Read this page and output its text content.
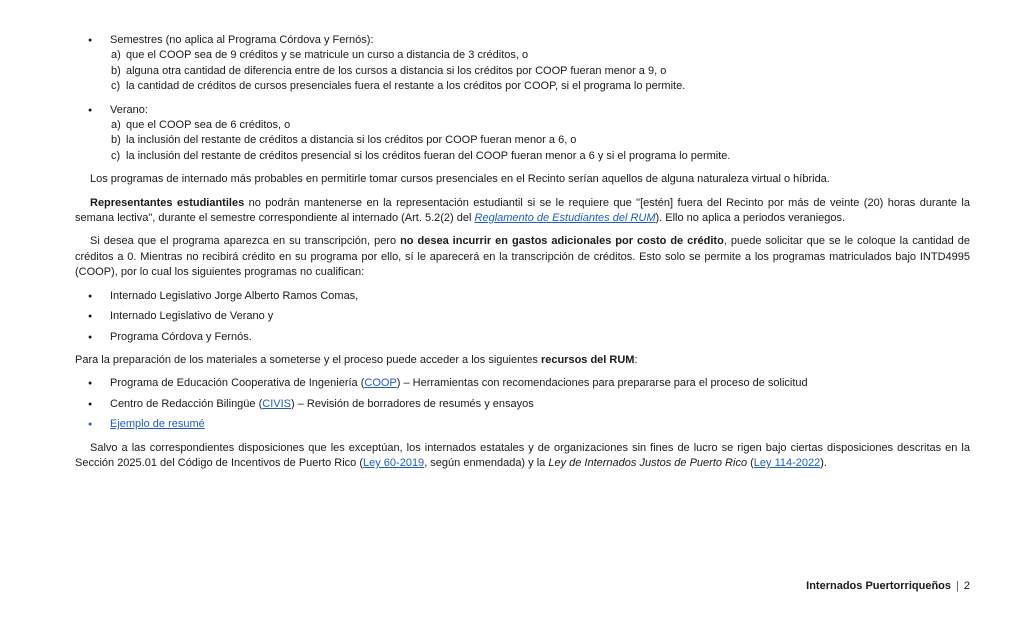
● Semestres (no aplica al Programa Córdova y Fernós):
a) que el COOP sea de 9 créditos y se matricule un curso a distancia de 3 créditos, o
b) alguna otra cantidad de diferencia entre de los cursos a distancia si los créditos por COOP fueran menor a 9, o
c) la cantidad de créditos de cursos presenciales fuera el restante a los créditos por COOP, si el programa lo permite.
● Verano:
a) que el COOP sea de 6 créditos, o
b) la inclusión del restante de créditos a distancia si los créditos por COOP fueran menor a 6, o
c) la inclusión del restante de créditos presencial si los créditos fueran del COOP fueran menor a 6 y si el programa lo permite.
Los programas de internado más probables en permitirle tomar cursos presenciales en el Recinto serían aquellos de alguna naturaleza virtual o híbrida.
Representantes estudiantiles no podrán mantenerse en la representación estudiantil si se le requiere que "[estén] fuera del Recinto por más de veinte (20) horas durante la semana lectiva", durante el semestre correspondiente al internado (Art. 5.2(2) del Reglamento de Estudiantes del RUM). Ello no aplica a periodos veraniegos.
Si desea que el programa aparezca en su transcripción, pero no desea incurrir en gastos adicionales por costo de crédito, puede solicitar que se le coloque la cantidad de créditos a 0. Mientras no recibirá crédito en su programa por ello, sí le aparecerá en la transcripción de créditos. Esto solo se permite a los programas matriculados bajo INTD4995 (COOP), por lo cual los siguientes programas no cualifican:
● Internado Legislativo Jorge Alberto Ramos Comas,
● Internado Legislativo de Verano y
● Programa Córdova y Fernós.
Para la preparación de los materiales a someterse y el proceso puede acceder a los siguientes recursos del RUM:
● Programa de Educación Cooperativa de Ingeniería (COOP) – Herramientas con recomendaciones para prepararse para el proceso de solicitud
● Centro de Redacción Bilingüe (CIVIS) – Revisión de borradores de resumés y ensayos
● Ejemplo de resumé
Salvo a las correspondientes disposiciones que les exceptúan, los internados estatales y de organizaciones sin fines de lucro se rigen bajo ciertas disposiciones descritas en la Sección 2025.01 del Código de Incentivos de Puerto Rico (Ley 60-2019, según enmendada) y la Ley de Internados Justos de Puerto Rico (Ley 114-2022).
Internados Puertorriqueños | 2
